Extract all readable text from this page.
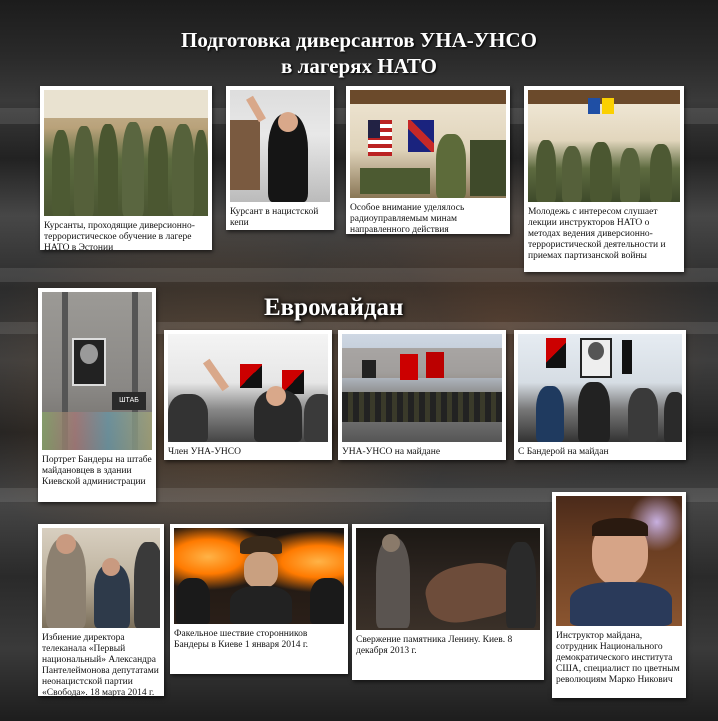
Подготовка диверсантов УНА-УНСО
в лагерях НАТО
Курсанты, проходящие диверсионно-террористическое обучение в лагере НАТО в Эстонии
Курсант в нацистской кепи
Особое внимание уделялось радиоуправляемым минам направленного действия
Молодежь с интересом слушает лекции инструкторов НАТО о методах ведения диверсионно-террористической деятельности и приемах партизанской войны
Евромайдан
ШТАБ
Портрет Бандеры на штабе майдановцев в здании Киевской администрации
Член УНА-УНСО	УНА-УНСО на майдане	С Бандерой на майдан
Избиение директора телеканала «Первый национальный» Александра Пантелеймонова депутатами неонацистской партии «Свобода». 18 марта 2014 г.
Факельное шествие сторонников Бандеры в Киеве 1 января 2014 г.	Свержение памятника Ленину. Киев. 8 декабря 2013 г.
Инструктор майдана, сотрудник Национального демократического института США, специалист по цветным революциям Марко Никович
